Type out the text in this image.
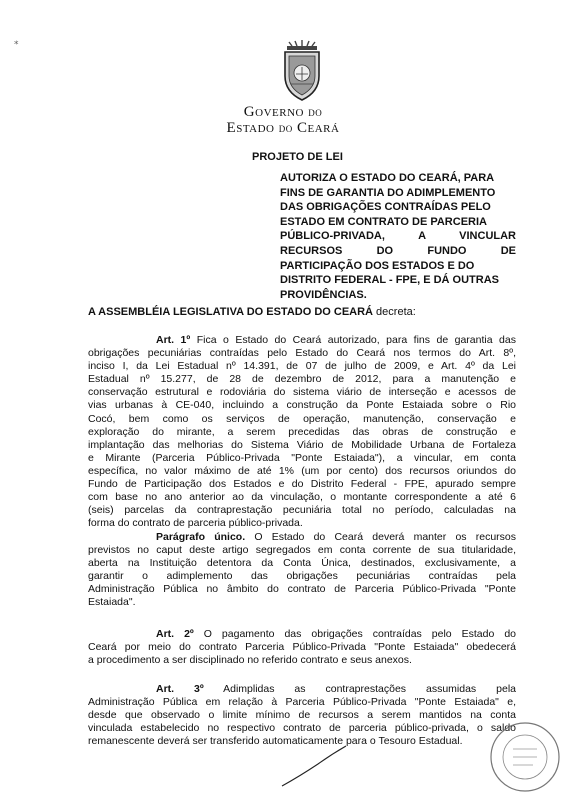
⁎
GOVERNO DO
ESTADO DO CEARÁ
PROJETO DE LEI
AUTORIZA O ESTADO DO CEARÁ, PARA
FINS DE GARANTIA DO ADIMPLEMENTO
DAS OBRIGAÇÕES CONTRAÍDAS PELO
ESTADO EM CONTRATO DE PARCERIA
PÚBLICO-PRIVADA, A VINCULAR
RECURSOS DO FUNDO DE
PARTICIPAÇÃO DOS ESTADOS E DO
DISTRITO FEDERAL - FPE, E DÁ OUTRAS
PROVIDÊNCIAS.
A ASSEMBLÉIA LEGISLATIVA DO ESTADO DO CEARÁ decreta:
Art. 1º Fica o Estado do Ceará autorizado, para fins de garantia das
obrigações pecuniárias contraídas pelo Estado do Ceará nos termos do Art. 8º,
inciso I, da Lei Estadual nº 14.391, de 07 de julho de 2009, e Art. 4º da Lei
Estadual nº 15.277, de 28 de dezembro de 2012, para a manutenção e
conservação estrutural e rodoviária do sistema viário de interseção e acessos de
vias urbanas à CE-040, incluindo a construção da Ponte Estaiada sobre o Rio
Cocó, bem como os serviços de operação, manutenção, conservação e
exploração do mirante, a serem precedidas das obras de construção e
implantação das melhorias do Sistema Viário de Mobilidade Urbana de Fortaleza
e Mirante (Parceria Público-Privada "Ponte Estaiada"), a vincular, em conta
específica, no valor máximo de até 1% (um por cento) dos recursos oriundos do
Fundo de Participação dos Estados e do Distrito Federal - FPE, apurado sempre
com base no ano anterior ao da vinculação, o montante correspondente a até 6
(seis) parcelas da contraprestação pecuniária total no período, calculadas na
forma do contrato de parceria público-privada.
Parágrafo único. O Estado do Ceará deverá manter os recursos
previstos no caput deste artigo segregados em conta corrente de sua titularidade,
aberta na Instituição detentora da Conta Única, destinados, exclusivamente, a
garantir o adimplemento das obrigações pecuniárias contraídas pela
Administração Pública no âmbito do contrato de Parceria Público-Privada "Ponte
Estaiada".
Art. 2º O pagamento das obrigações contraídas pelo Estado do
Ceará por meio do contrato Parceria Público-Privada "Ponte Estaiada" obedecerá
a procedimento a ser disciplinado no referido contrato e seus anexos.
Art. 3º Adimplidas as contraprestações assumidas pela
Administração Pública em relação à Parceria Público-Privada "Ponte Estaiada" e,
desde que observado o limite mínimo de recursos a serem mantidos na conta
vinculada estabelecido no respectivo contrato de parceria público-privada, o saldo
remanescente deverá ser transferido automaticamente para o Tesouro Estadual.
